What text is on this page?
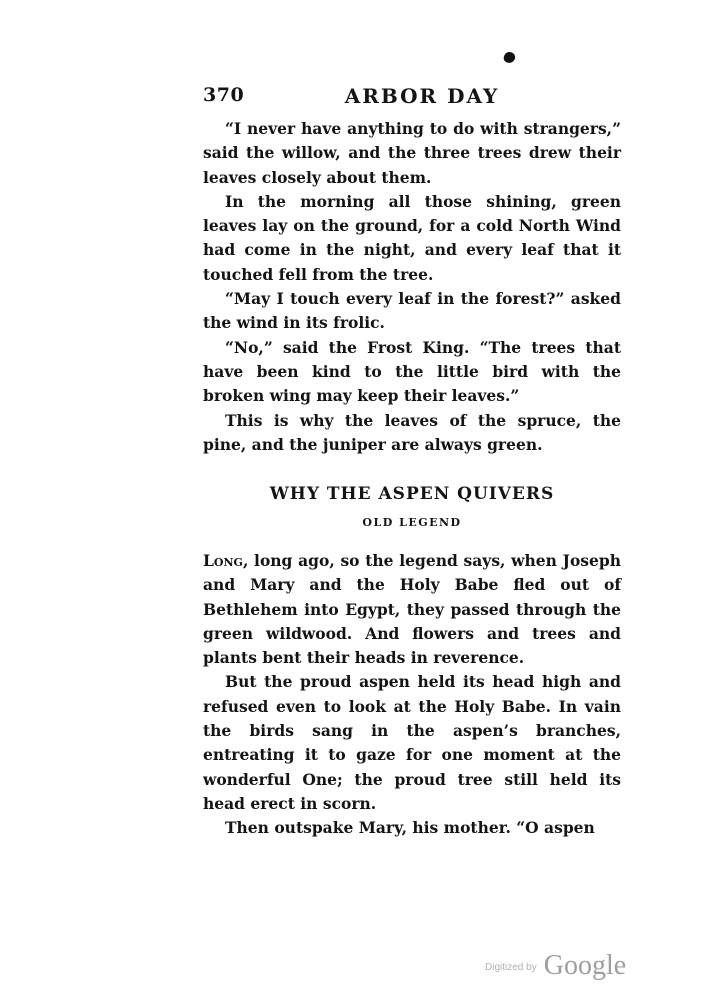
370	ARBOR DAY

“I never have anything to do with strangers,” said the willow, and the three trees drew their leaves closely about them.

In the morning all those shining, green leaves lay on the ground, for a cold North Wind had come in the night, and every leaf that it touched fell from the tree.

“May I touch every leaf in the forest?” asked the wind in its frolic.

“No,” said the Frost King. “The trees that have been kind to the little bird with the broken wing may keep their leaves.”

This is why the leaves of the spruce, the pine, and the juniper are always green.

WHY THE ASPEN QUIVERS
OLD LEGEND

Long, long ago, so the legend says, when Joseph and Mary and the Holy Babe fled out of Bethlehem into Egypt, they passed through the green wildwood. And flowers and trees and plants bent their heads in reverence.

But the proud aspen held its head high and refused even to look at the Holy Babe. In vain the birds sang in the aspen’s branches, entreating it to gaze for one moment at the wonderful One; the proud tree still held its head erect in scorn.

Then outspake Mary, his mother. “O aspen

$^{Digitized by}$ Google
